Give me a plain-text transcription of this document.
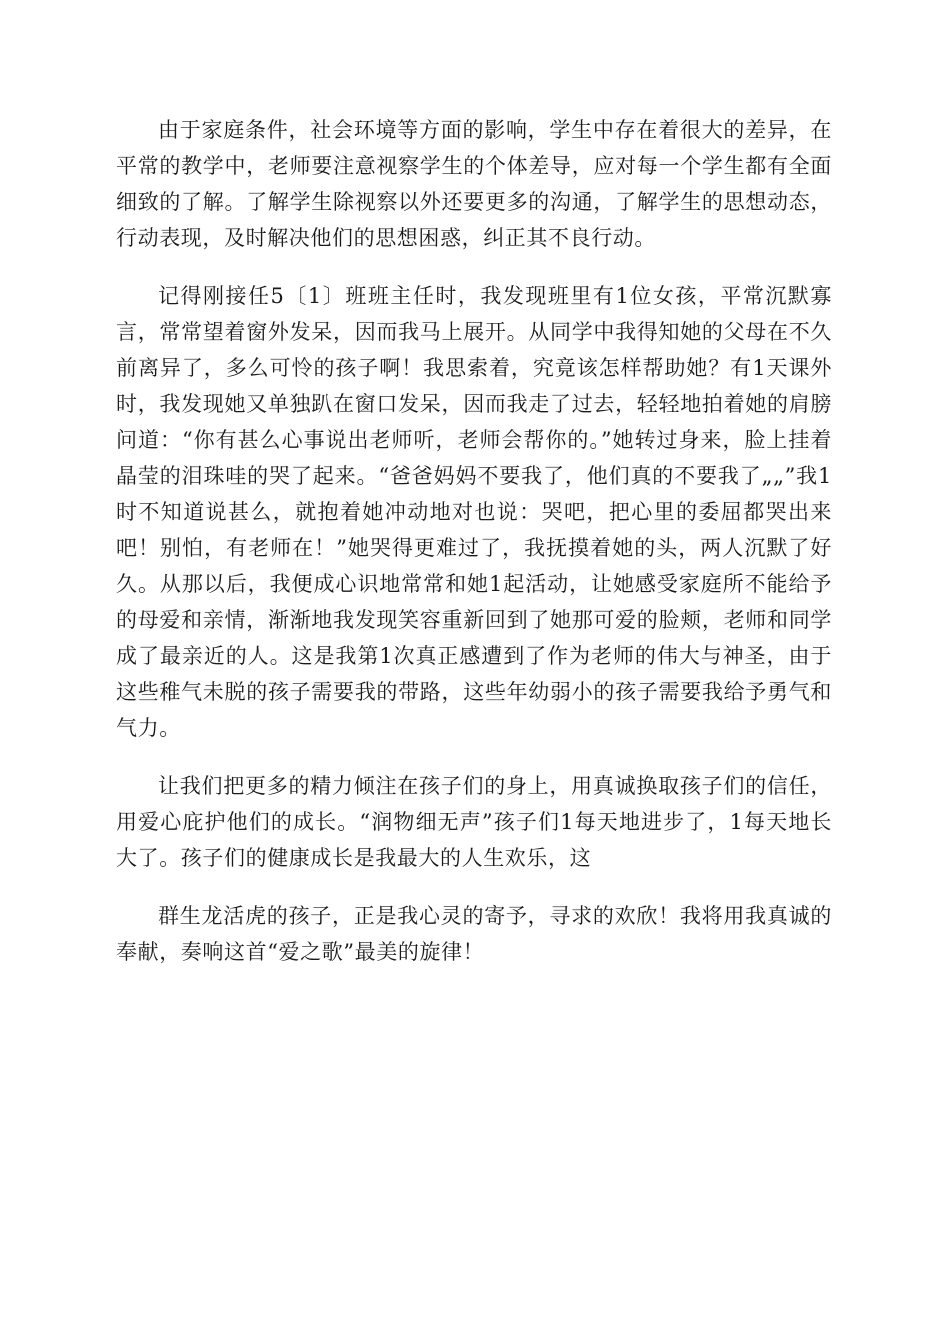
由于家庭条件，社会环境等方面的影响，学生中存在着很大的差异，在平常的教学中，老师要注意视察学生的个体差导，应对每一个学生都有全面细致的了解。了解学生除视察以外还要更多的沟通，了解学生的思想动态，行动表现，及时解决他们的思想困惑，纠正其不良行动。

记得刚接任5〔1〕班班主任时，我发现班里有1位女孩，平常沉默寡言，常常望着窗外发呆，因而我马上展开。从同学中我得知她的父母在不久前离异了，多么可怜的孩子啊！我思索着，究竟该怎样帮助她？有1天课外时，我发现她又单独趴在窗口发呆，因而我走了过去，轻轻地拍着她的肩膀问道：“你有甚么心事说出老师听，老师会帮你的。”她转过身来，脸上挂着晶莹的泪珠哇的哭了起来。“爸爸妈妈不要我了，他们真的不要我了„„”我1时不知道说甚么，就抱着她冲动地对也说：哭吧，把心里的委屈都哭出来吧！别怕，有老师在！”她哭得更难过了，我抚摸着她的头，两人沉默了好久。从那以后，我便成心识地常常和她1起活动，让她感受家庭所不能给予的母爱和亲情，渐渐地我发现笑容重新回到了她那可爱的脸颊，老师和同学成了最亲近的人。这是我第1次真正感遭到了作为老师的伟大与神圣，由于这些稚气未脱的孩子需要我的带路，这些年幼弱小的孩子需要我给予勇气和气力。

让我们把更多的精力倾注在孩子们的身上，用真诚换取孩子们的信任，用爱心庇护他们的成长。“润物细无声”孩子们1每天地进步了，1每天地长大了。孩子们的健康成长是我最大的人生欢乐，这

群生龙活虎的孩子，正是我心灵的寄予，寻求的欢欣！我将用我真诚的奉献，奏响这首“爱之歌”最美的旋律！
